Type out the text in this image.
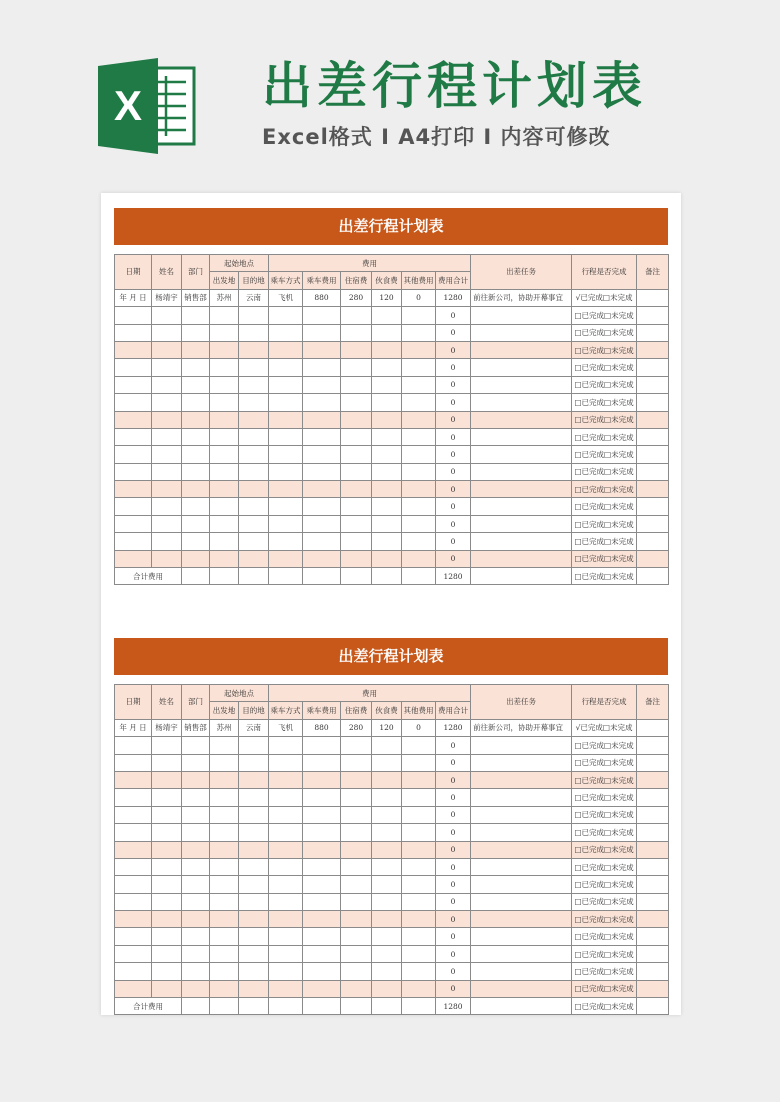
X 出差行程计划表
Excel格式 I A4打印 I 内容可修改
出差行程计划表
日期	姓名	部门	起始地点		费用						出差任务	行程是否完成	备注
			出发地	目的地	乘车方式	乘车费用	住宿费	伙食费	其他费用	费用合计			
年 月 日	杨靖宇	销售部	苏州	云南	飞机	880	280	120	0	1280	前往新公司，协助开幕事宜	√已完成□未完成	
										0		□已完成□未完成	
										0		□已完成□未完成	
										0		□已完成□未完成	
										0		□已完成□未完成	
										0		□已完成□未完成	
										0		□已完成□未完成	
										0		□已完成□未完成	
										0		□已完成□未完成	
										0		□已完成□未完成	
										0		□已完成□未完成	
										0		□已完成□未完成	
										0		□已完成□未完成	
										0		□已完成□未完成	
										0		□已完成□未完成	
										0		□已完成□未完成	
合计费用										1280		□已完成□未完成	
出差行程计划表
日期	姓名	部门	起始地点		费用						出差任务	行程是否完成	备注
			出发地	目的地	乘车方式	乘车费用	住宿费	伙食费	其他费用	费用合计			
年 月 日	杨靖宇	销售部	苏州	云南	飞机	880	280	120	0	1280	前往新公司，协助开幕事宜	√已完成□未完成	
										0		□已完成□未完成	
										0		□已完成□未完成	
										0		□已完成□未完成	
										0		□已完成□未完成	
										0		□已完成□未完成	
										0		□已完成□未完成	
										0		□已完成□未完成	
										0		□已完成□未完成	
										0		□已完成□未完成	
										0		□已完成□未完成	
										0		□已完成□未完成	
										0		□已完成□未完成	
										0		□已完成□未完成	
										0		□已完成□未完成	
										0		□已完成□未完成	
合计费用										1280		□已完成□未完成	
